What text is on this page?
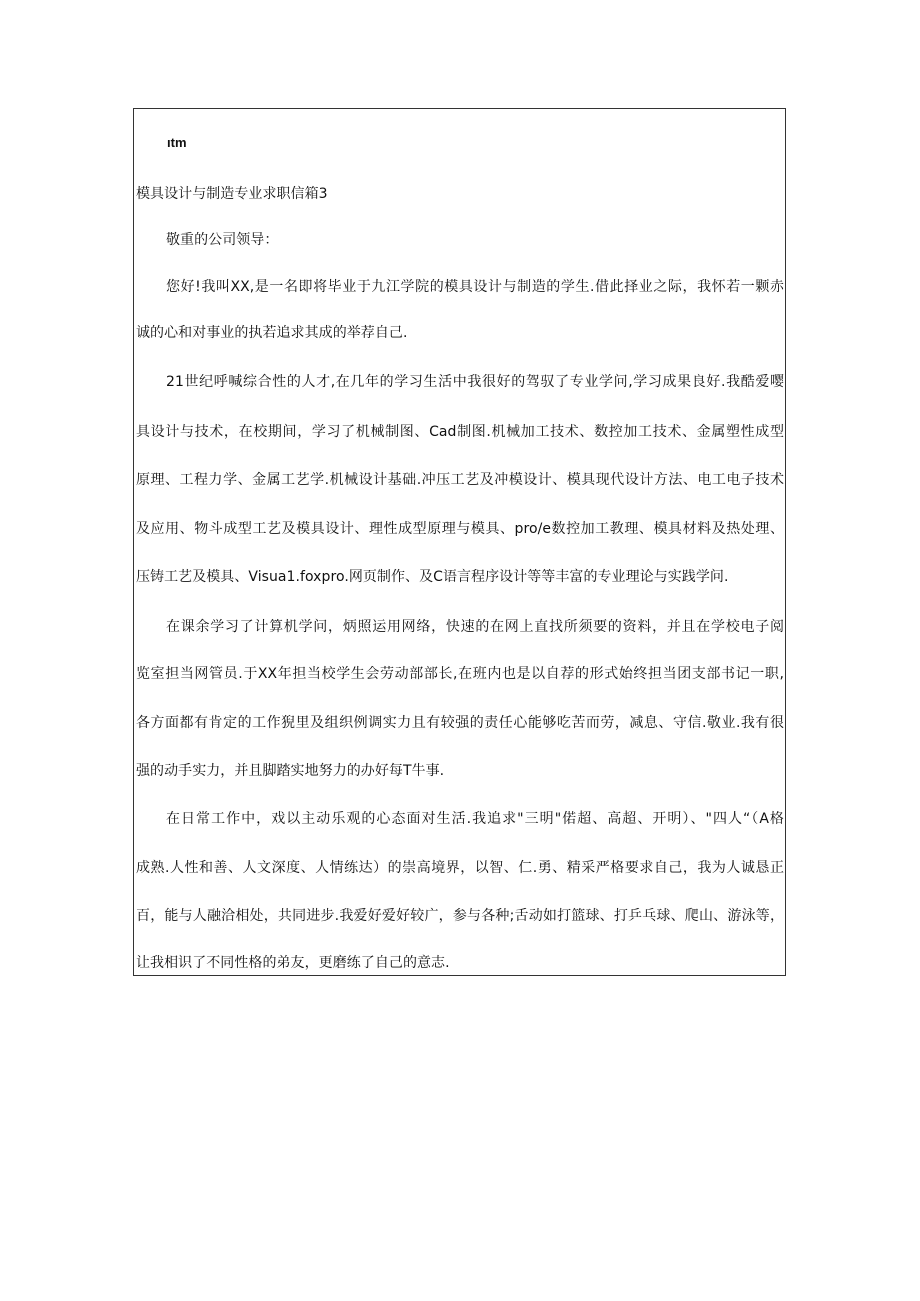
ıtm
模具设计与制造专业求职信箱3
敬重的公司领导：
您好!我叫XX,是一名即将毕业于九江学院的模具设计与制造的学生.借此择业之际，我怀若一颗赤
诚的心和对事业的执若追求其成的举荐自己.
21世纪呼喊综合性的人才,在几年的学习生活中我很好的驾驭了专业学问,学习成果良好.我酷爱嘤
具设计与技术，在校期间，学习了机械制图、Cad制图.机械加工技术、数控加工技术、金属塑性成型
原理、工程力学、金属工艺学.机械设计基础.冲压工艺及冲模设计、模具现代设计方法、电工电子技术
及应用、物斗成型工艺及模具设计、理性成型原理与模具、pro/e数控加工教理、模具材料及热处理、
压铸工艺及模具、Visua1.foxpro.网页制作、及C语言程序设计等等丰富的专业理论与实践学问.
在课余学习了计算机学问，炳照运用网络，快速的在网上直找所须要的资料，并且在学校电子阅
览室担当网管员.于XX年担当校学生会劳动部部长,在班内也是以自荐的形式始终担当团支部书记一职,
各方面都有肯定的工作猊里及组织例调实力且有较强的责任心能够吃苦而劳，减息、守信.敬业.我有很
强的动手实力，并且脚踏实地努力的办好每T牛事.
在日常工作中，戏以主动乐观的心态面对生活.我追求"三明"偌超、高超、开明）、"四人“（A格
成熟.人性和善、人文深度、人情练达）的崇高境界，以智、仁.勇、精采严格要求自己，我为人诚恳正
百，能与人融洽相处，共同进步.我爱好爱好较广，参与各种;舌动如打篮球、打乒乓球、爬山、游泳等，
让我相识了不同性格的弟友，更磨练了自己的意志.
